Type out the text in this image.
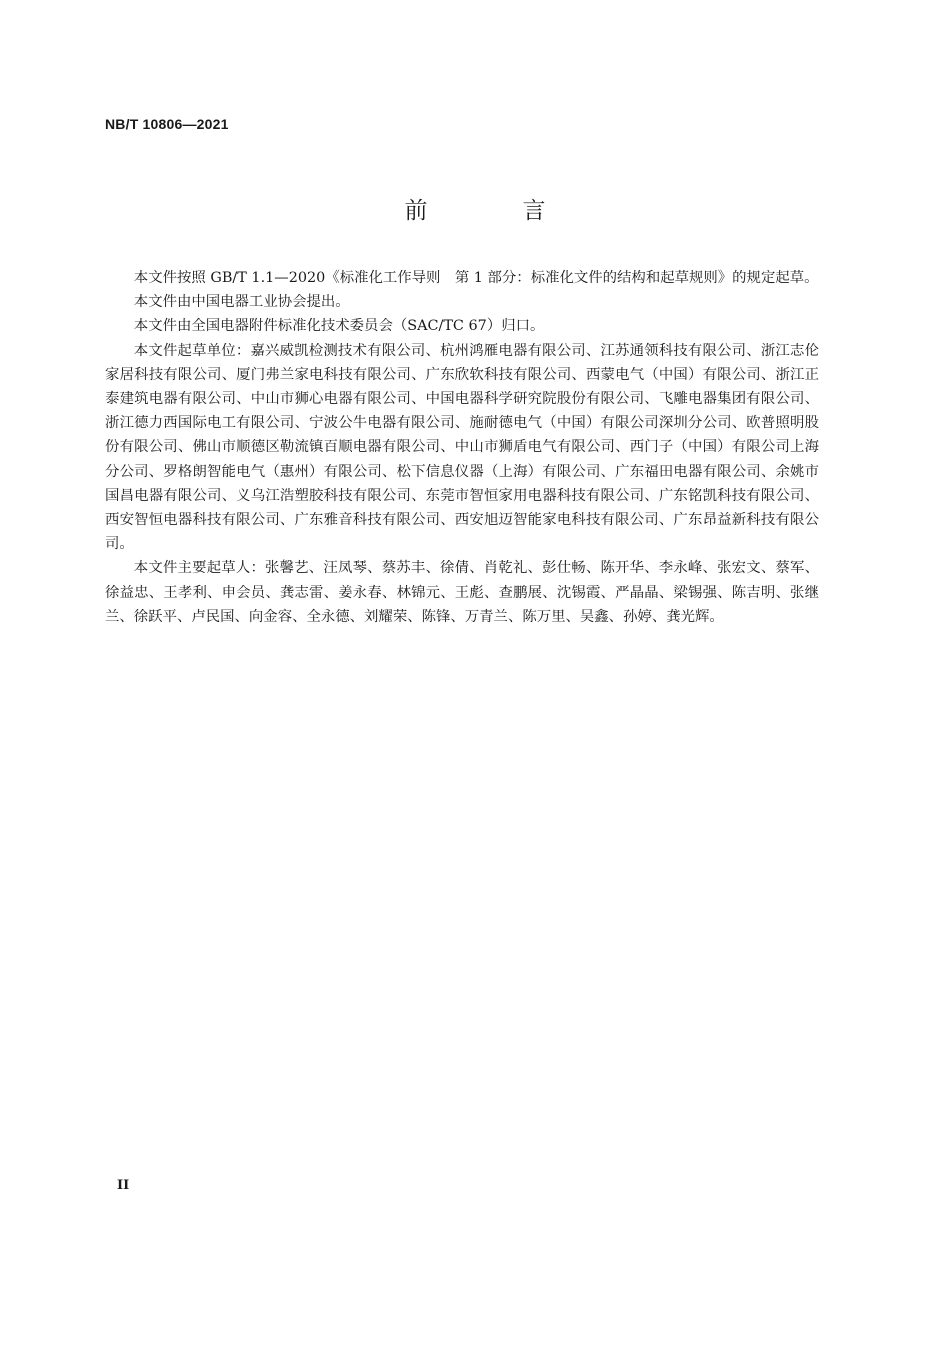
NB/T 10806—2021
前　言

本文件按照 GB/T 1.1—2020《标准化工作导则　第 1 部分：标准化文件的结构和起草规则》的规定起草。

本文件由中国电器工业协会提出。

本文件由全国电器附件标准化技术委员会（SAC/TC 67）归口。

本文件起草单位：嘉兴威凯检测技术有限公司、杭州鸿雁电器有限公司、江苏通领科技有限公司、浙江志伦家居科技有限公司、厦门弗兰家电科技有限公司、广东欣软科技有限公司、西蒙电气（中国）有限公司、浙江正泰建筑电器有限公司、中山市狮心电器有限公司、中国电器科学研究院股份有限公司、飞雕电器集团有限公司、浙江德力西国际电工有限公司、宁波公牛电器有限公司、施耐德电气（中国）有限公司深圳分公司、欧普照明股份有限公司、佛山市顺德区勒流镇百顺电器有限公司、中山市狮盾电气有限公司、西门子（中国）有限公司上海分公司、罗格朗智能电气（惠州）有限公司、松下信息仪器（上海）有限公司、广东福田电器有限公司、余姚市国昌电器有限公司、义乌江浩塑胶科技有限公司、东莞市智恒家用电器科技有限公司、广东铭凯科技有限公司、西安智恒电器科技有限公司、广东雅音科技有限公司、西安旭迈智能家电科技有限公司、广东昂益新科技有限公司。

本文件主要起草人：张馨艺、汪凤琴、蔡苏丰、徐倩、肖乾礼、彭仕畅、陈开华、李永峰、张宏文、蔡军、徐益忠、王孝利、申会员、龚志雷、姜永春、林锦元、王彪、查鹏展、沈锡霞、严晶晶、梁锡强、陈吉明、张继兰、徐跃平、卢民国、向金容、全永德、刘耀荣、陈锋、万青兰、陈万里、吴鑫、孙婷、龚光辉。

II
